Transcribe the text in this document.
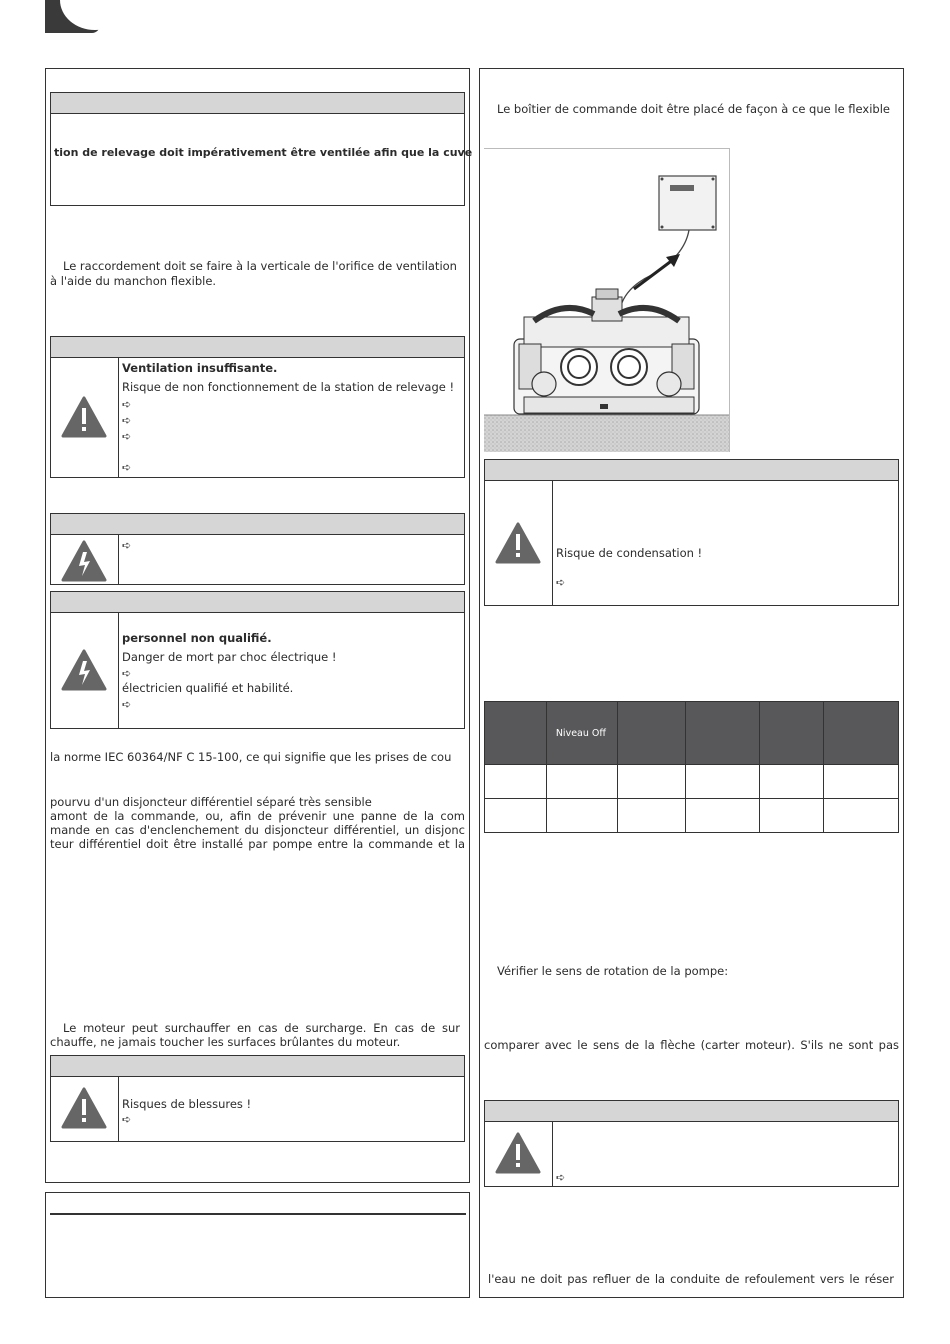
tion de relevage doit impérativement être ventilée afin que la cuve
Le raccordement doit se faire à la verticale de l'orifice de ventilation
à l'aide du manchon flexible.
Ventilation insuffisante.
Risque de non fonctionnement de la station de relevage !
➪
➪
➪
➪
➪
personnel non qualifié.
Danger de mort par choc électrique !
➪
électricien qualifié et habilité.
➪
la norme IEC 60364/NF C 15-100, ce qui signifie que les prises de cou
pourvu d'un disjoncteur différentiel séparé très sensible
amont de la commande, ou, afin de prévenir une panne de la com
mande en cas d'enclenchement du disjoncteur différentiel, un disjonc
teur différentiel doit être installé par pompe entre la commande et la
Le moteur peut surchauffer en cas de surcharge. En cas de sur
chauffe, ne jamais toucher les surfaces brûlantes du moteur.
Risques de blessures !
➪
Le boîtier de commande doit être placé de façon à ce que le flexible
Risque de condensation !
➪
	Niveau Off				

Vérifier le sens de rotation de la pompe:
comparer avec le sens de la flèche (carter moteur). S'ils ne sont pas
➪
l'eau ne doit pas refluer de la conduite de refoulement vers le réser
